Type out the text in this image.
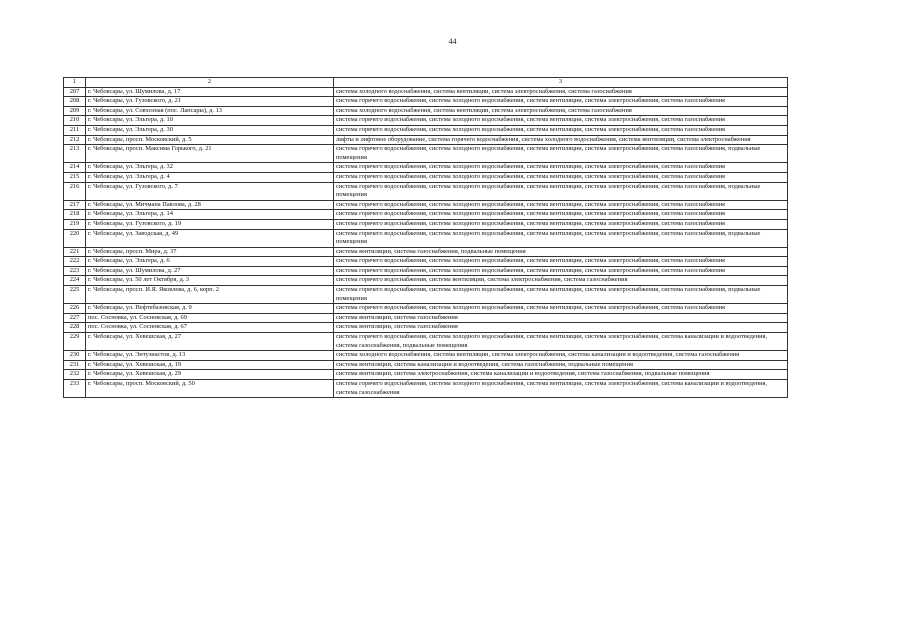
44
1	2	3
207	г. Чебоксары, ул. Шумилова, д. 17	система холодного водоснабжения, система вентиляции, система электроснабжения, система газоснабжения
208	г. Чебоксары, ул. Гузовского, д. 21	система горячего водоснабжения, система холодного водоснабжения, система вентиляции, система электроснабжения, система газоснабжения
209	г. Чебоксары, ул. Совхозная (пос. Лапсары), д. 13	система холодного водоснабжения, система вентиляции, система электроснабжения, система газоснабжения
210	г. Чебоксары, ул. Эльгера, д. 10	система горячего водоснабжения, система холодного водоснабжения, система вентиляции, система электроснабжения, система газоснабжения
211	г. Чебоксары, ул. Эльгера, д. 30	система горячего водоснабжения, система холодного водоснабжения, система вентиляции, система электроснабжения, система газоснабжения
212	г. Чебоксары, просп. Московский, д. 5	лифты и лифтовое оборудование, система горячего водоснабжения, система холодного водоснабжения, система вентиляции, система электроснабжения
213	г. Чебоксары, просп. Максима Горького, д. 21	система горячего водоснабжения, система холодного водоснабжения, система вентиляции, система электроснабжения, система газоснабжения, подвальные помещения
214	г. Чебоксары, ул. Эльгера, д. 32	система горячего водоснабжения, система холодного водоснабжения, система вентиляции, система электроснабжения, система газоснабжения
215	г. Чебоксары, ул. Эльгера, д. 4	система горячего водоснабжения, система холодного водоснабжения, система вентиляции, система электроснабжения, система газоснабжения
216	г. Чебоксары, ул. Гузовского, д. 7	система горячего водоснабжения, система холодного водоснабжения, система вентиляции, система электроснабжения, система газоснабжения, подвальные помещения
217	г. Чебоксары, ул. Мичмана Павлова, д. 28	система горячего водоснабжения, система холодного водоснабжения, система вентиляции, система электроснабжения, система газоснабжения
218	г. Чебоксары, ул. Эльгера, д. 14	система горячего водоснабжения, система холодного водоснабжения, система вентиляции, система электроснабжения, система газоснабжения
219	г. Чебоксары, ул. Гузовского, д. 19	система горячего водоснабжения, система холодного водоснабжения, система вентиляции, система электроснабжения, система газоснабжения
220	г. Чебоксары, ул. Заводская, д. 49	система горячего водоснабжения, система холодного водоснабжения, система вентиляции, система электроснабжения, система газоснабжения, подвальные помещения
221	г. Чебоксары, просп. Мира, д. 37	система вентиляции, система газоснабжения, подвальные помещения
222	г. Чебоксары, ул. Эльгера, д. 6	система горячего водоснабжения, система холодного водоснабжения, система вентиляции, система электроснабжения, система газоснабжения
223	г. Чебоксары, ул. Шумилова, д. 27	система горячего водоснабжения, система холодного водоснабжения, система вентиляции, система электроснабжения, система газоснабжения
224	г. Чебоксары, ул. 50 лет Октября, д. 3	система горячего водоснабжения, система вентиляции, система электроснабжения, система газоснабжения
225	г. Чебоксары, просп. И.Я. Яковлева, д. 6, корп. 2	система горячего водоснабжения, система холодного водоснабжения, система вентиляции, система электроснабжения, система газоснабжения, подвальные помещения
226	г. Чебоксары, ул. Нефтебазовская, д. 9	система горячего водоснабжения, система холодного водоснабжения, система вентиляции, система электроснабжения, система газоснабжения
227	пос. Сосновка, ул. Сосновская, д. 69	система вентиляции, система газоснабжения
228	пос. Сосновка, ул. Сосновская, д. 67	система вентиляции, система газоснабжения
229	г. Чебоксары, ул. Хевешская, д. 27	система горячего водоснабжения, система холодного водоснабжения, система вентиляции, система электроснабжения, система канализации и водоотведения, система газоснабжения, подвальные помещения
230	г. Чебоксары, ул. Энтузиастов, д. 13	система холодного водоснабжения, система вентиляции, система электроснабжения, система канализации и водоотведения, система газоснабжения
231	г. Чебоксары, ул. Хевешская, д. 19	система вентиляции, система канализации и водоотведения, система газоснабжения, подвальные помещения
232	г. Чебоксары, ул. Хевешская, д. 29	система вентиляции, система электроснабжения, система канализации и водоотведения, система газоснабжения, подвальные помещения
233	г. Чебоксары, просп. Московский, д. 50	система горячего водоснабжения, система холодного водоснабжения, система вентиляции, система электроснабжения, система канализации и водоотведения, система газоснабжения
